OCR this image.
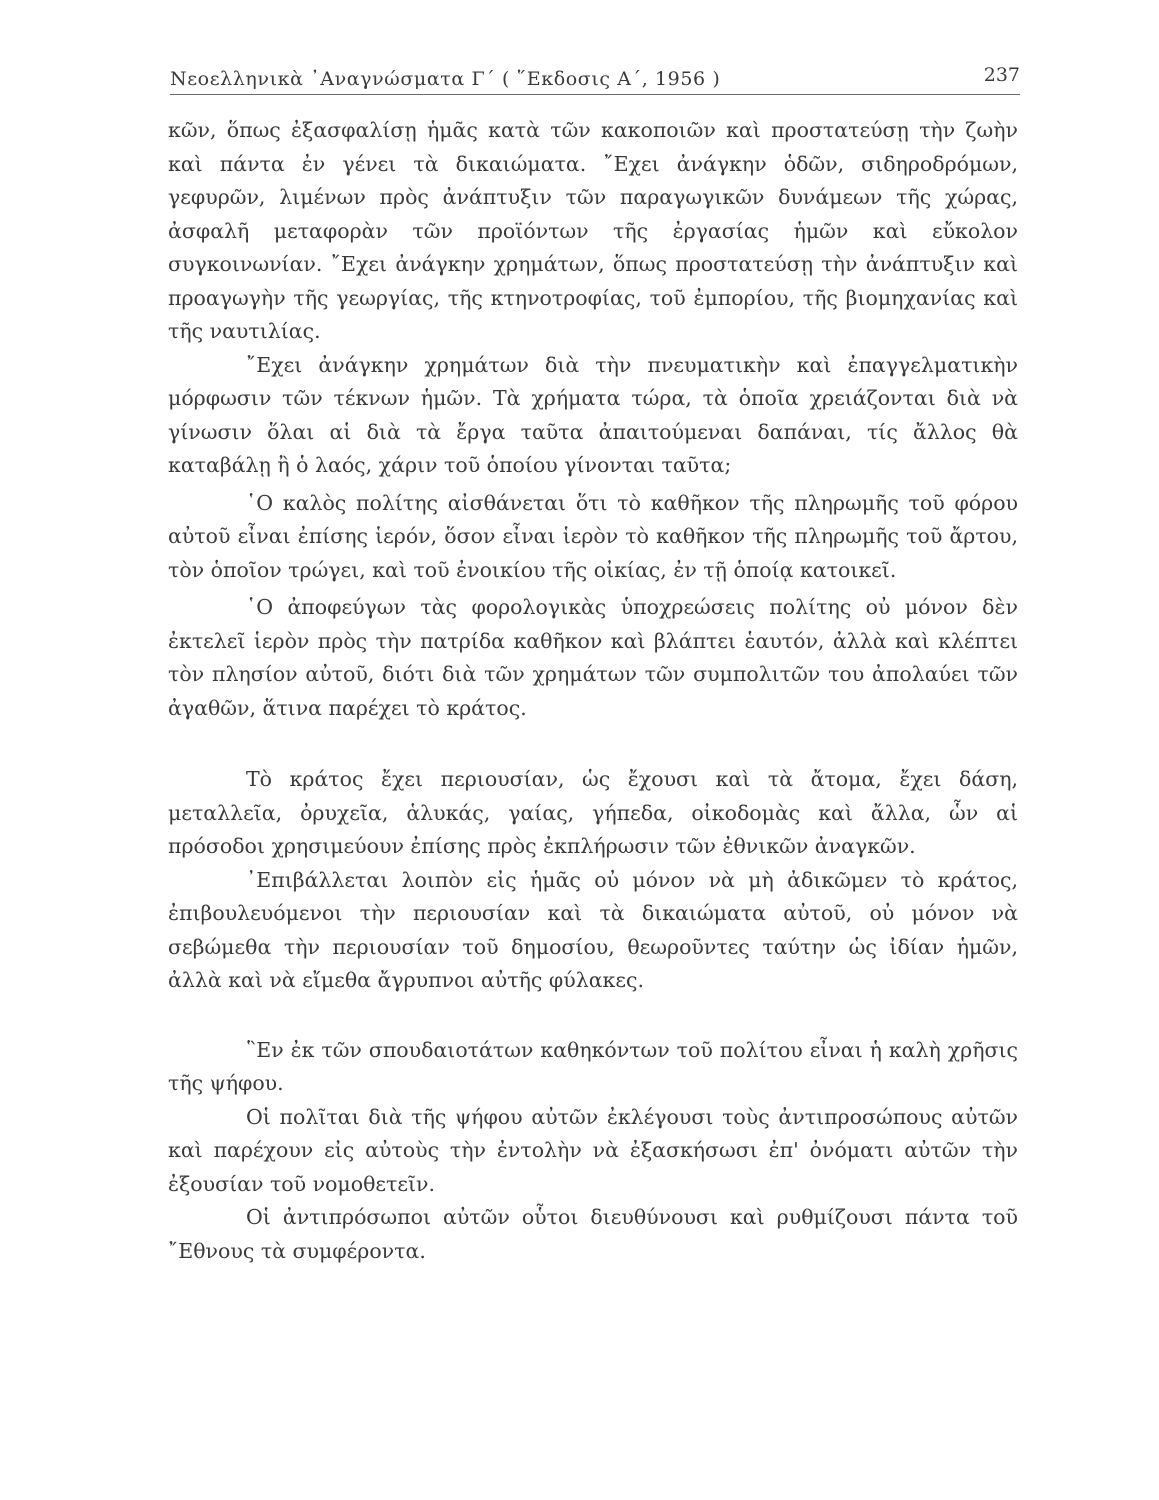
Νεοελληνικὰ ᾿Αναγνώσματα Γ΄ ( ῞Εκδοσις Α΄, 1956 )	237

κῶν, ὅπως ἐξασφαλίσῃ ἡμᾶς κατὰ τῶν κακοποιῶν καὶ προστατεύσῃ τὴν ζωὴν καὶ πάντα ἐν γένει τὰ δικαιώματα. ῎Εχει ἀνάγκην ὁδῶν, σιδηροδρόμων, γεφυρῶν, λιμένων πρὸς ἀνάπτυξιν τῶν παραγωγικῶν δυνάμεων τῆς χώρας, ἀσφαλῆ μεταφορὰν τῶν προϊόντων τῆς ἐργασίας ἡμῶν καὶ εὔκολον συγκοινωνίαν. ῎Εχει ἀνάγκην χρημάτων, ὅπως προστατεύσῃ τὴν ἀνάπτυξιν καὶ προαγωγὴν τῆς γεωργίας, τῆς κτηνοτροφίας, τοῦ ἐμπορίου, τῆς βιομηχανίας καὶ τῆς ναυτιλίας.

῎Εχει ἀνάγκην χρημάτων διὰ τὴν πνευματικὴν καὶ ἐπαγγελματικὴν μόρφωσιν τῶν τέκνων ἡμῶν. Τὰ χρήματα τώρα, τὰ ὁποῖα χρειάζονται διὰ νὰ γίνωσιν ὅλαι αἱ διὰ τὰ ἔργα ταῦτα ἀπαιτούμεναι δαπάναι, τίς ἄλλος θὰ καταβάλῃ ἢ ὁ λαός, χάριν τοῦ ὁποίου γίνονται ταῦτα;

῾Ο καλὸς πολίτης αἰσθάνεται ὅτι τὸ καθῆκον τῆς πληρωμῆς τοῦ φόρου αὐτοῦ εἶναι ἐπίσης ἱερόν, ὅσον εἶναι ἱερὸν τὸ καθῆκον τῆς πληρωμῆς τοῦ ἄρτου, τὸν ὁποῖον τρώγει, καὶ τοῦ ἐνοικίου τῆς οἰκίας, ἐν τῇ ὁποίᾳ κατοικεῖ.

῾Ο ἀποφεύγων τὰς φορολογικὰς ὑποχρεώσεις πολίτης οὐ μόνον δὲν ἐκτελεῖ ἱερὸν πρὸς τὴν πατρίδα καθῆκον καὶ βλάπτει ἑαυτόν, ἀλλὰ καὶ κλέπτει τὸν πλησίον αὐτοῦ, διότι διὰ τῶν χρημάτων τῶν συμπολιτῶν του ἀπολαύει τῶν ἀγαθῶν, ἅτινα παρέχει τὸ κράτος.

Τὸ κράτος ἔχει περιουσίαν, ὡς ἔχουσι καὶ τὰ ἄτομα, ἔχει δάση, μεταλλεῖα, ὀρυχεῖα, ἁλυκάς, γαίας, γήπεδα, οἰκοδομὰς καὶ ἄλλα, ὧν αἱ πρόσοδοι χρησιμεύουν ἐπίσης πρὸς ἐκπλήρωσιν τῶν ἐθνικῶν ἀναγκῶν.

᾿Επιβάλλεται λοιπὸν εἰς ἡμᾶς οὐ μόνον νὰ μὴ ἀδικῶμεν τὸ κράτος, ἐπιβουλευόμενοι τὴν περιουσίαν καὶ τὰ δικαιώματα αὐτοῦ, οὐ μόνον νὰ σεβώμεθα τὴν περιουσίαν τοῦ δημοσίου, θεωροῦντες ταύτην ὡς ἰδίαν ἡμῶν, ἀλλὰ καὶ νὰ εἴμεθα ἄγρυπνοι αὐτῆς φύλακες.

῝Εν ἐκ τῶν σπουδαιοτάτων καθηκόντων τοῦ πολίτου εἶναι ἡ καλὴ χρῆσις τῆς ψήφου.

Οἱ πολῖται διὰ τῆς ψήφου αὐτῶν ἐκλέγουσι τοὺς ἀντιπροσώπους αὐτῶν καὶ παρέχουν εἰς αὐτοὺς τὴν ἐντολὴν νὰ ἐξασκήσωσι ἐπ' ὀνόματι αὐτῶν τὴν ἐξουσίαν τοῦ νομοθετεῖν.

Οἱ ἀντιπρόσωποι αὐτῶν οὗτοι διευθύνουσι καὶ ρυθμίζουσι πάντα τοῦ ῎Εθνους τὰ συμφέροντα.
